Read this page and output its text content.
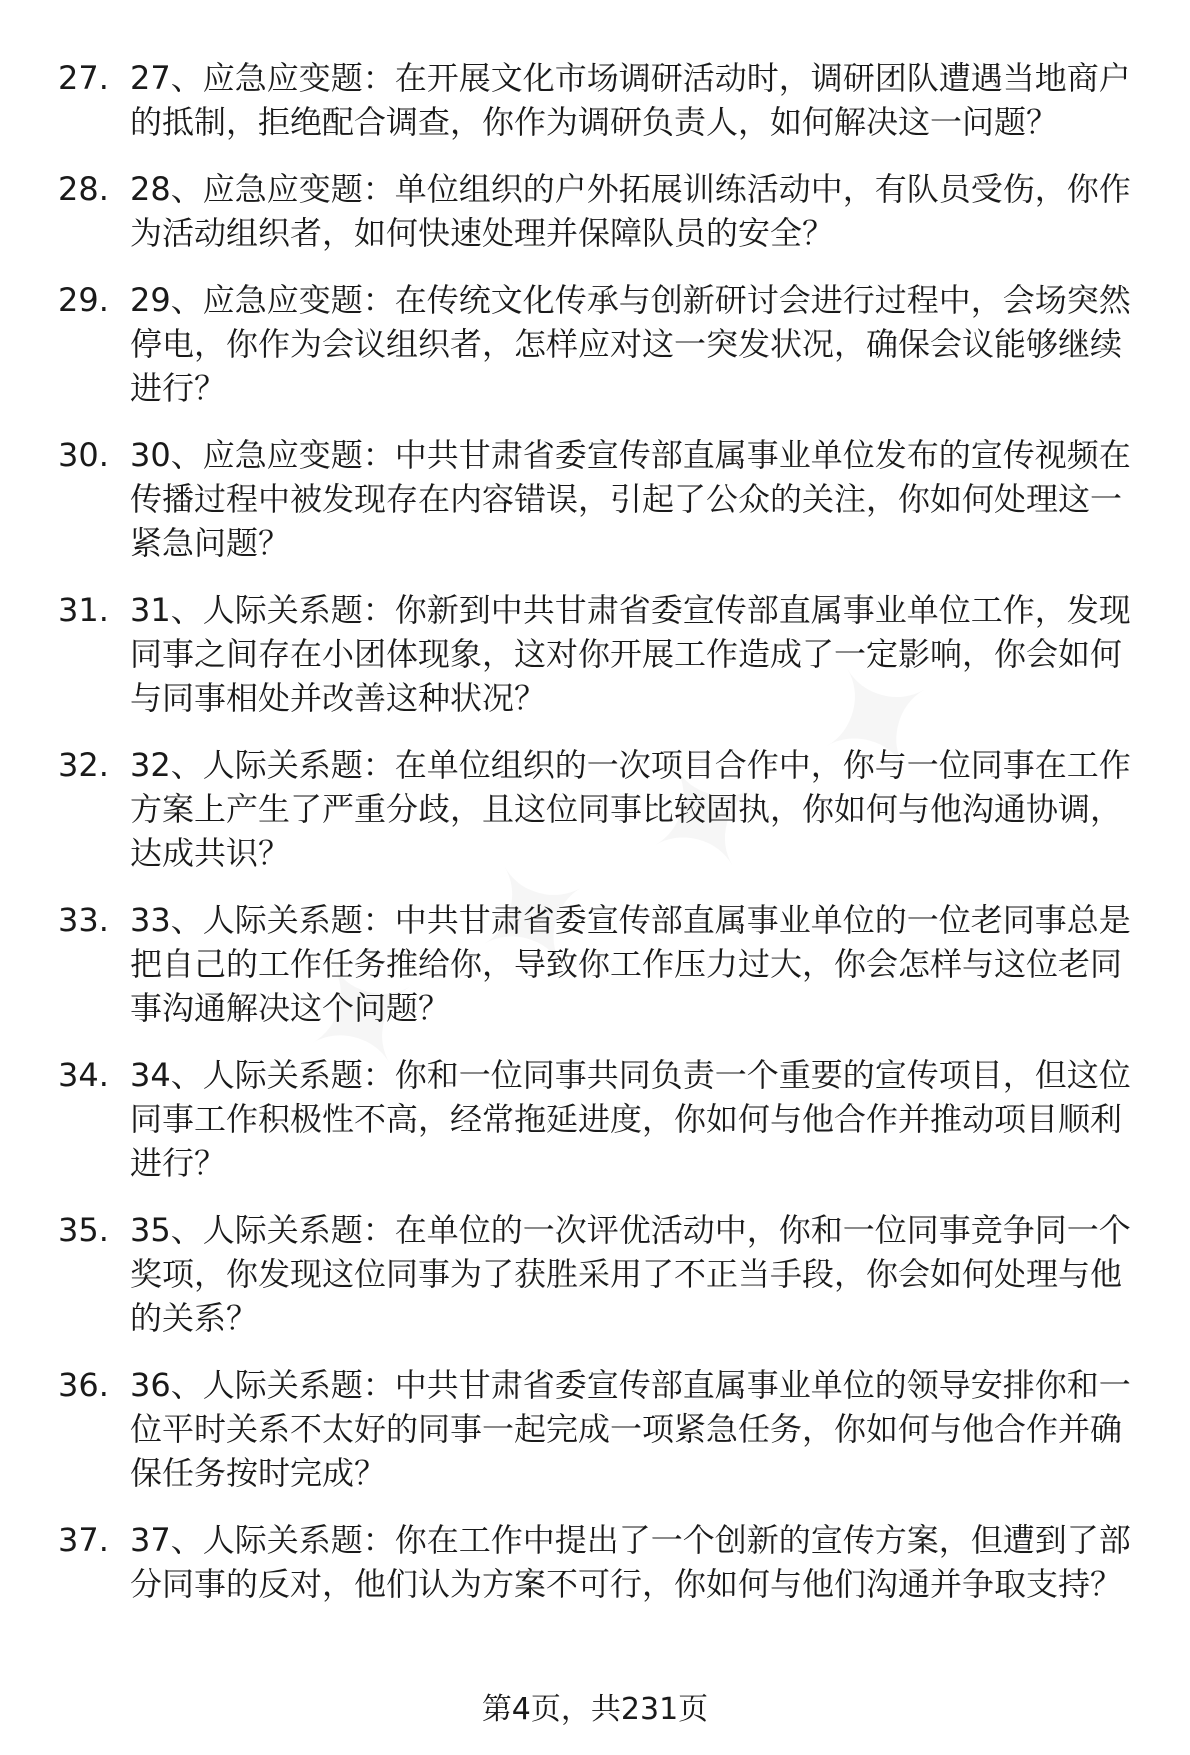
27. 27、应急应变题：在开展文化市场调研活动时，调研团队遭遇当地商户的抵制，拒绝配合调查，你作为调研负责人，如何解决这一问题？
28. 28、应急应变题：单位组织的户外拓展训练活动中，有队员受伤，你作为活动组织者，如何快速处理并保障队员的安全？
29. 29、应急应变题：在传统文化传承与创新研讨会进行过程中，会场突然停电，你作为会议组织者，怎样应对这一突发状况，确保会议能够继续进行？
30. 30、应急应变题：中共甘肃省委宣传部直属事业单位发布的宣传视频在传播过程中被发现存在内容错误，引起了公众的关注，你如何处理这一紧急问题？
31. 31、人际关系题：你新到中共甘肃省委宣传部直属事业单位工作，发现同事之间存在小团体现象，这对你开展工作造成了一定影响，你会如何与同事相处并改善这种状况？
32. 32、人际关系题：在单位组织的一次项目合作中，你与一位同事在工作方案上产生了严重分歧，且这位同事比较固执，你如何与他沟通协调，达成共识？
33. 33、人际关系题：中共甘肃省委宣传部直属事业单位的一位老同事总是把自己的工作任务推给你，导致你工作压力过大，你会怎样与这位老同事沟通解决这个问题？
34. 34、人际关系题：你和一位同事共同负责一个重要的宣传项目，但这位同事工作积极性不高，经常拖延进度，你如何与他合作并推动项目顺利进行？
35. 35、人际关系题：在单位的一次评优活动中，你和一位同事竞争同一个奖项，你发现这位同事为了获胜采用了不正当手段，你会如何处理与他的关系？
36. 36、人际关系题：中共甘肃省委宣传部直属事业单位的领导安排你和一位平时关系不太好的同事一起完成一项紧急任务，你如何与他合作并确保任务按时完成？
37. 37、人际关系题：你在工作中提出了一个创新的宣传方案，但遭到了部分同事的反对，他们认为方案不可行，你如何与他们沟通并争取支持？
第4页，共231页
